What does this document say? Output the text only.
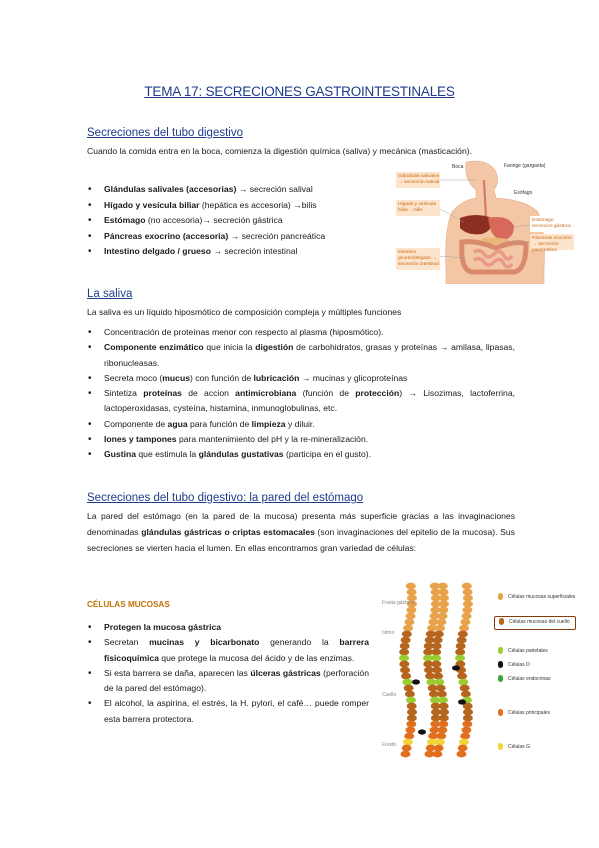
TEMA 17: SECRECIONES GASTROINTESTINALES
Secreciones del tubo digestivo
Cuando la comida entra en la boca, comienza la digestión química (saliva) y mecánica (masticación).
• Glándulas salivales (accesorias) → secreción salival
• Hígado y vesícula biliar (hepática es accesoria) →bilis
• Estómago (no accesoria)→ secreción gástrica
• Páncreas exocrino (accesoria) → secreción pancreática
• Intestino delgado / grueso → secreción intestinal
Boca	Faringe (garganta)
Esófago
Glándulas salivales
→ secreción salival
Hígado y vesícula
biliar →bilis
Estómago
secreción gástrica
Páncreas exocrino
→ secreción pancreática
Intestino
grueso/delgado →
secreción intestinal
La saliva
La saliva es un líquido hiposmótico de composición compleja y múltiples funciones
• Concentración de proteínas menor con respecto al plasma (hiposmótico).
• Componente enzimático que inicia la digestión de carbohidratos, grasas y proteínas → amilasa, lipasas, ribonucleasas.
• Secreta moco (mucus) con función de lubricación → mucinas y glicoproteínas
• Sintetiza proteínas de accion antimicrobiana (función de protección) → Lisozimas, lactoferrina, lactoperoxidasas, cysteína, histamina, inmunoglobulinas, etc.
• Componente de agua para función de limpieza y diluir.
• Iones y tampones para mantenimiento del pH y la re-mineralización.
• Gustina que estimula la glándulas gustativas (participa en el gusto).
Secreciones del tubo digestivo: la pared del estómago
La pared del estómago (en la pared de la mucosa) presenta más superficie gracias a las invaginaciones denominadas glándulas gástricas o criptas estomacales (son invaginaciones del epitelio de la mucosa). Sus secreciones se vierten hacia el lumen. En ellas encontramos gran variedad de células:
CÉLULAS MUCOSAS
• Protegen la mucosa gástrica
• Secretan mucinas y bicarbonato generando la barrera fisicoquímica que protege la mucosa del ácido y de las enzimas.
• Si esta barrera se daña, aparecen las úlceras gástricas (perforación de la pared del estómago).
• El alcohol, la aspirina, el estrés, la H. pylori, el café… puede romper esta barrera protectora.
Fosita gástrica
Istmo
Cuello
Fondo
Células mucosas superficiales
Células mucosas del cuello
Células parietales
Células D
Células endocrinas
Células principales
Células G
